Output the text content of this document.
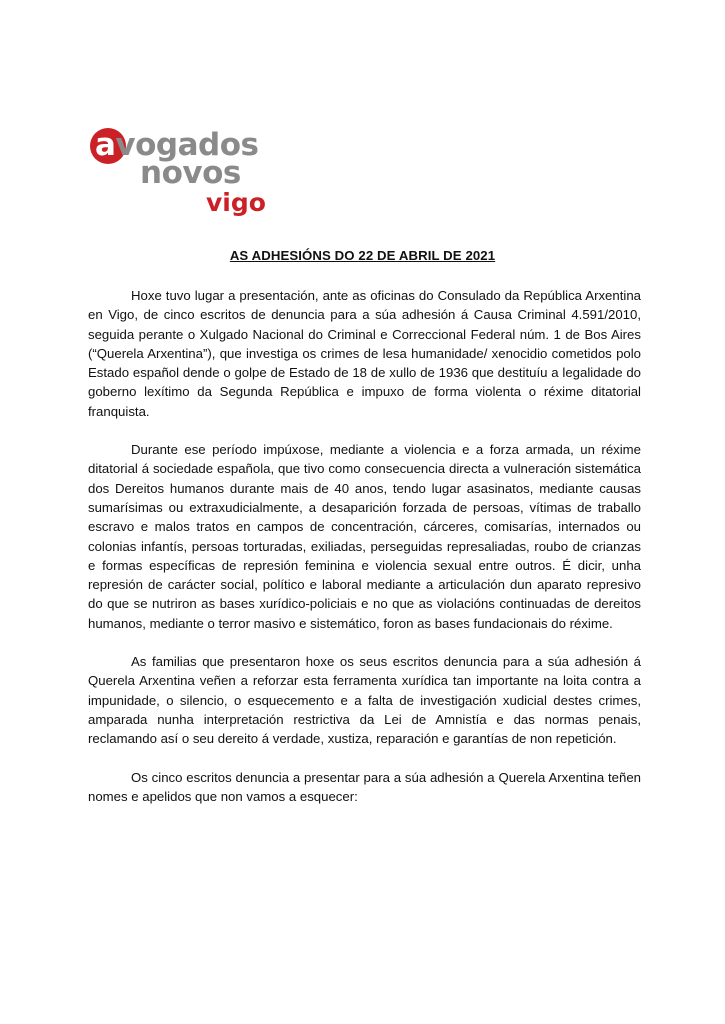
avogados
novos
vigo
AS ADHESIÓNS DO 22 DE ABRIL DE 2021

Hoxe tuvo lugar a presentación, ante as oficinas do Consulado da República Arxentina en Vigo, de cinco escritos de denuncia para a súa adhesión á Causa Criminal 4.591/2010, seguida perante o Xulgado Nacional do Criminal e Correccional Federal núm. 1 de Bos Aires (“Querela Arxentina”), que investiga os crimes de lesa humanidade/ xenocidio cometidos polo Estado español dende o golpe de Estado de 18 de xullo de 1936 que destituíu a legalidade do goberno lexítimo da Segunda República e impuxo de forma violenta o réxime ditatorial franquista.

Durante ese período impúxose, mediante a violencia e a forza armada, un réxime ditatorial á sociedade española, que tivo como consecuencia directa a vulneración sistemática dos Dereitos humanos durante mais de 40 anos, tendo lugar asasinatos, mediante causas sumarísimas ou extraxudicialmente, a desaparición forzada de persoas, vítimas de traballo escravo e malos tratos en campos de concentración, cárceres, comisarías, internados ou colonias infantís, persoas torturadas, exiliadas, perseguidas represaliadas, roubo de crianzas e formas específicas de represión feminina e violencia sexual entre outros. É dicir, unha represión de carácter social, político e laboral mediante a articulación dun aparato represivo do que se nutriron as bases xurídico-policiais e no que as violacións continuadas de dereitos humanos, mediante o terror masivo e sistemático, foron as bases fundacionais do réxime.

As familias que presentaron hoxe os seus escritos denuncia para a súa adhesión á Querela Arxentina veñen a reforzar esta ferramenta xurídica tan importante na loita contra a impunidade, o silencio, o esquecemento e a falta de investigación xudicial destes crimes, amparada nunha interpretación restrictiva da Lei de Amnistía e das normas penais, reclamando así o seu dereito á verdade, xustiza, reparación e garantías de non repetición.

Os cinco escritos denuncia a presentar para a súa adhesión a Querela Arxentina teñen nomes e apelidos que non vamos a esquecer:
